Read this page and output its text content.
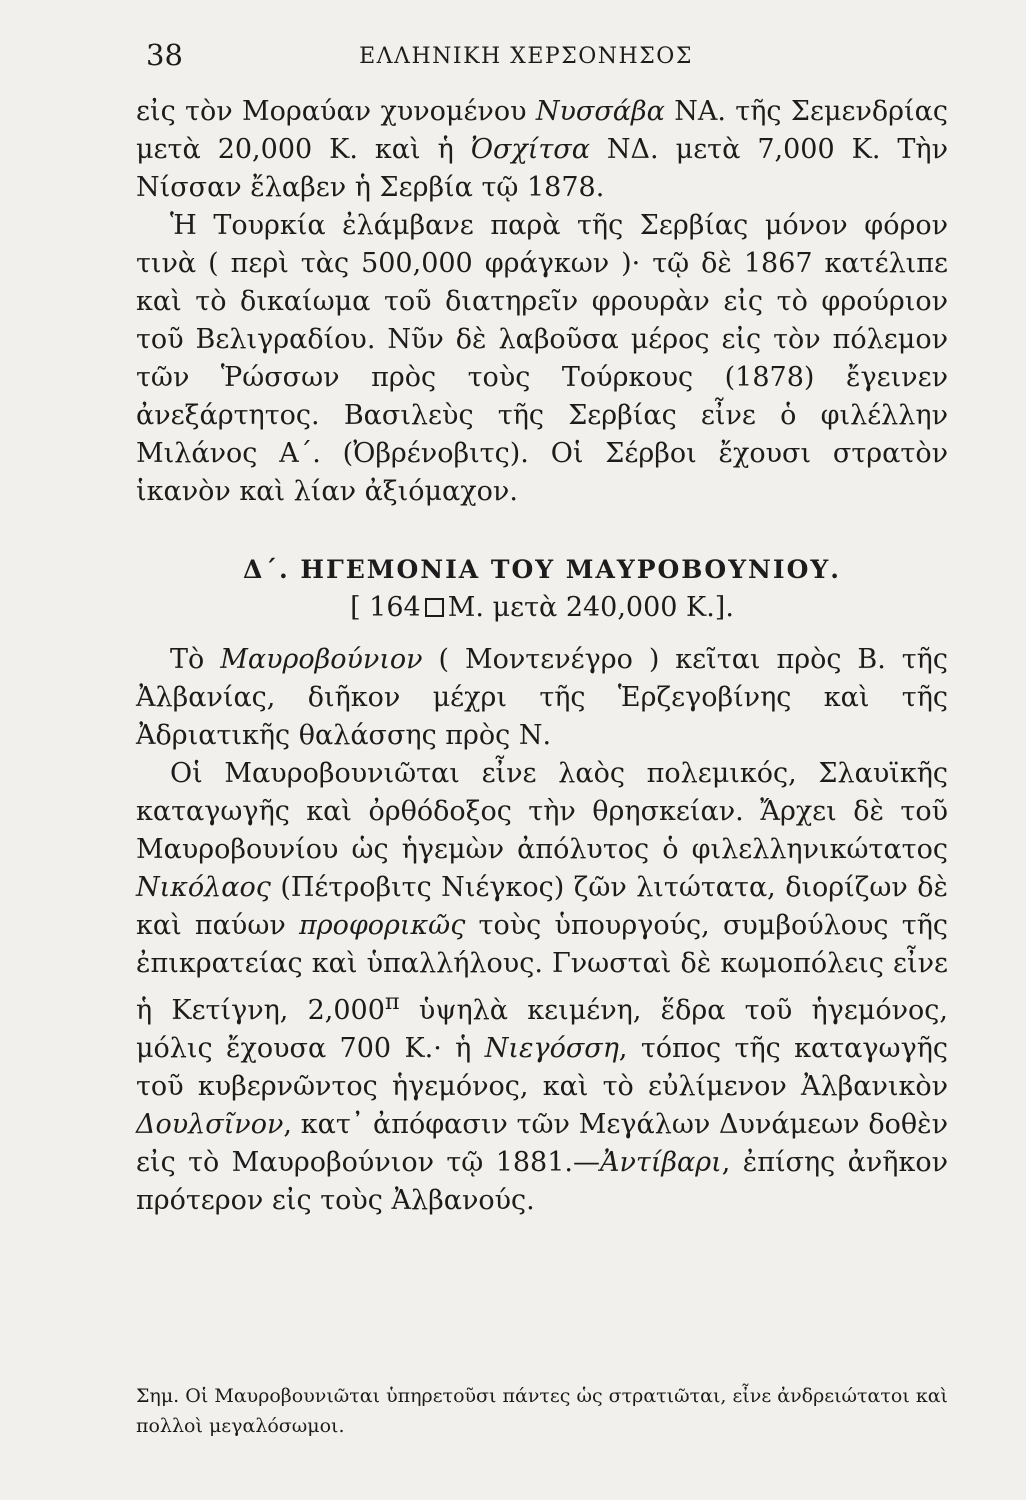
38	ΕΛΛΗΝΙΚΗ ΧΕΡΣΟΝΗΣΟΣ

εἰς τὸν Μοραύαν χυνομένου Νυσσάβα ΝΑ. τῆς Σεμενδρίας μετὰ 20,000 Κ. καὶ ἡ Ὀσχίτσα ΝΔ. μετὰ 7,000 Κ. Τὴν Νίσσαν ἔλαβεν ἡ Σερβία τῷ 1878.

Ἡ Τουρκία ἐλάμβανε παρὰ τῆς Σερβίας μόνον φόρον τινὰ ( περὶ τὰς 500,000 φράγκων )· τῷ δὲ 1867 κατέλιπε καὶ τὸ δικαίωμα τοῦ διατηρεῖν φρουρὰν εἰς τὸ φρούριον τοῦ Βελιγραδίου. Νῦν δὲ λαβοῦσα μέρος εἰς τὸν πόλεμον τῶν Ῥώσσων πρὸς τοὺς Τούρκους (1878) ἔγεινεν ἀνεξάρτητος. Βασιλεὺς τῆς Σερβίας εἶνε ὁ φιλέλλην Μιλάνος Α΄. (Ὀβρένοβιτς). Οἱ Σέρβοι ἔχουσι στρατὸν ἱκανὸν καὶ λίαν ἀξιόμαχον.

Δ΄. ΗΓΕΜΟΝΙΑ ΤΟΥ ΜΑΥΡΟΒΟΥΝΙΟΥ.
[ 164 Μ. μετὰ 240,000 Κ.].

Τὸ Μαυροβούνιον ( Μοντενέγρο ) κεῖται πρὸς Β. τῆς Ἀλβανίας, διῆκον μέχρι τῆς Ἑρζεγοβίνης καὶ τῆς Ἀδριατικῆς θαλάσσης πρὸς Ν.

Οἱ Μαυροβουνιῶται εἶνε λαὸς πολεμικός, Σλαυϊκῆς καταγωγῆς καὶ ὀρθόδοξος τὴν θρησκείαν. Ἄρχει δὲ τοῦ Μαυροβουνίου ὡς ἡγεμὼν ἀπόλυτος ὁ φιλελληνικώτατος Νικόλαος (Πέτροβιτς Νιέγκος) ζῶν λιτώτατα, διορίζων δὲ καὶ παύων προφορικῶς τοὺς ὑπουργούς, συμβούλους τῆς ἐπικρατείας καὶ ὑπαλλήλους. Γνωσταὶ δὲ κωμοπόλεις εἶνε ἡ Κετίγνη, $2,000^\pi$ ὑψηλὰ κειμένη, ἕδρα τοῦ ἡγεμόνος, μόλις ἔχουσα 700 Κ.· ἡ Νιεγόσση, τόπος τῆς καταγωγῆς τοῦ κυβερνῶντος ἡγεμόνος, καὶ τὸ εὐλίμενον Ἀλβανικὸν Δουλσῖνον, κατ᾽ ἀπόφασιν τῶν Μεγάλων Δυνάμεων δοθὲν εἰς τὸ Μαυροβούνιον τῷ 1881.—Ἀντίβαρι, ἐπίσης ἀνῆκον πρότερον εἰς τοὺς Ἀλβανούς.

Σημ. Οἱ Μαυροβουνιῶται ὑπηρετοῦσι πάντες ὡς στρατιῶται, εἶνε ἀνδρειώτατοι καὶ πολλοὶ μεγαλόσωμοι.
